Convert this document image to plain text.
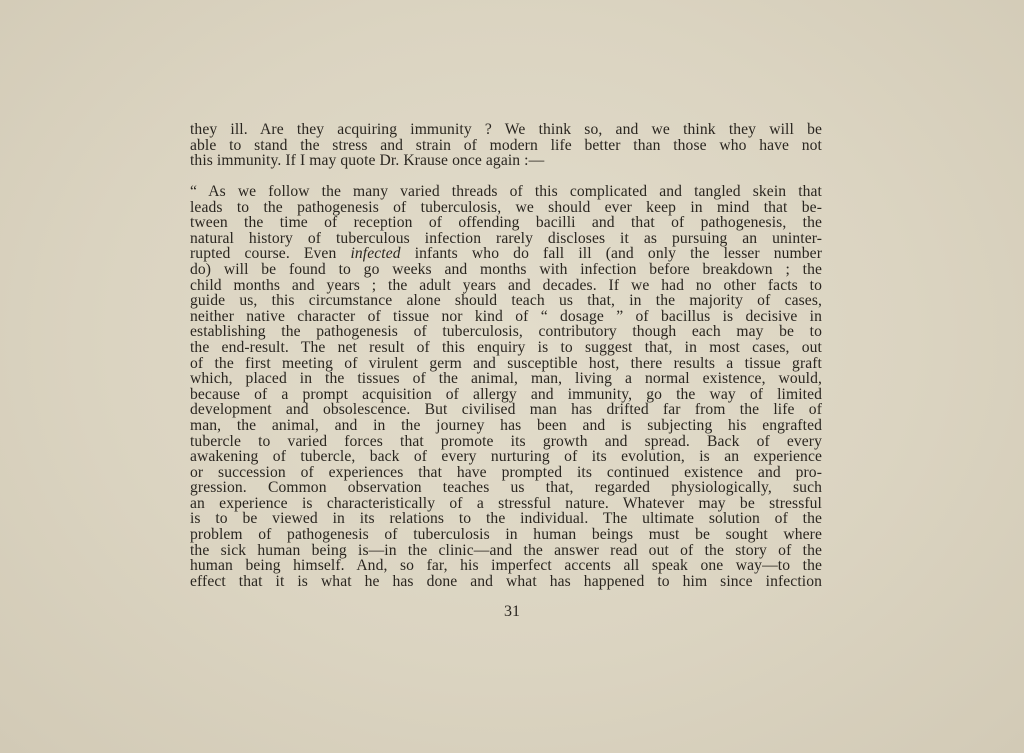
they ill. Are they acquiring immunity ? We think so, and we think they will be
able to stand the stress and strain of modern life better than those who have not
this immunity. If I may quote Dr. Krause once again :—
“ As we follow the many varied threads of this complicated and tangled skein that
leads to the pathogenesis of tuberculosis, we should ever keep in mind that be-
tween the time of reception of offending bacilli and that of pathogenesis, the
natural history of tuberculous infection rarely discloses it as pursuing an uninter-
rupted course. Even infected infants who do fall ill (and only the lesser number
do) will be found to go weeks and months with infection before breakdown ; the
child months and years ; the adult years and decades. If we had no other facts to
guide us, this circumstance alone should teach us that, in the majority of cases,
neither native character of tissue nor kind of “ dosage ” of bacillus is decisive in
establishing the pathogenesis of tuberculosis, contributory though each may be to
the end-result. The net result of this enquiry is to suggest that, in most cases, out
of the first meeting of virulent germ and susceptible host, there results a tissue graft
which, placed in the tissues of the animal, man, living a normal existence, would,
because of a prompt acquisition of allergy and immunity, go the way of limited
development and obsolescence. But civilised man has drifted far from the life of
man, the animal, and in the journey has been and is subjecting his engrafted
tubercle to varied forces that promote its growth and spread. Back of every
awakening of tubercle, back of every nurturing of its evolution, is an experience
or succession of experiences that have prompted its continued existence and pro-
gression. Common observation teaches us that, regarded physiologically, such
an experience is characteristically of a stressful nature. Whatever may be stressful
is to be viewed in its relations to the individual. The ultimate solution of the
problem of pathogenesis of tuberculosis in human beings must be sought where
the sick human being is—in the clinic—and the answer read out of the story of the
human being himself. And, so far, his imperfect accents all speak one way—to the
effect that it is what he has done and what has happened to him since infection
31
